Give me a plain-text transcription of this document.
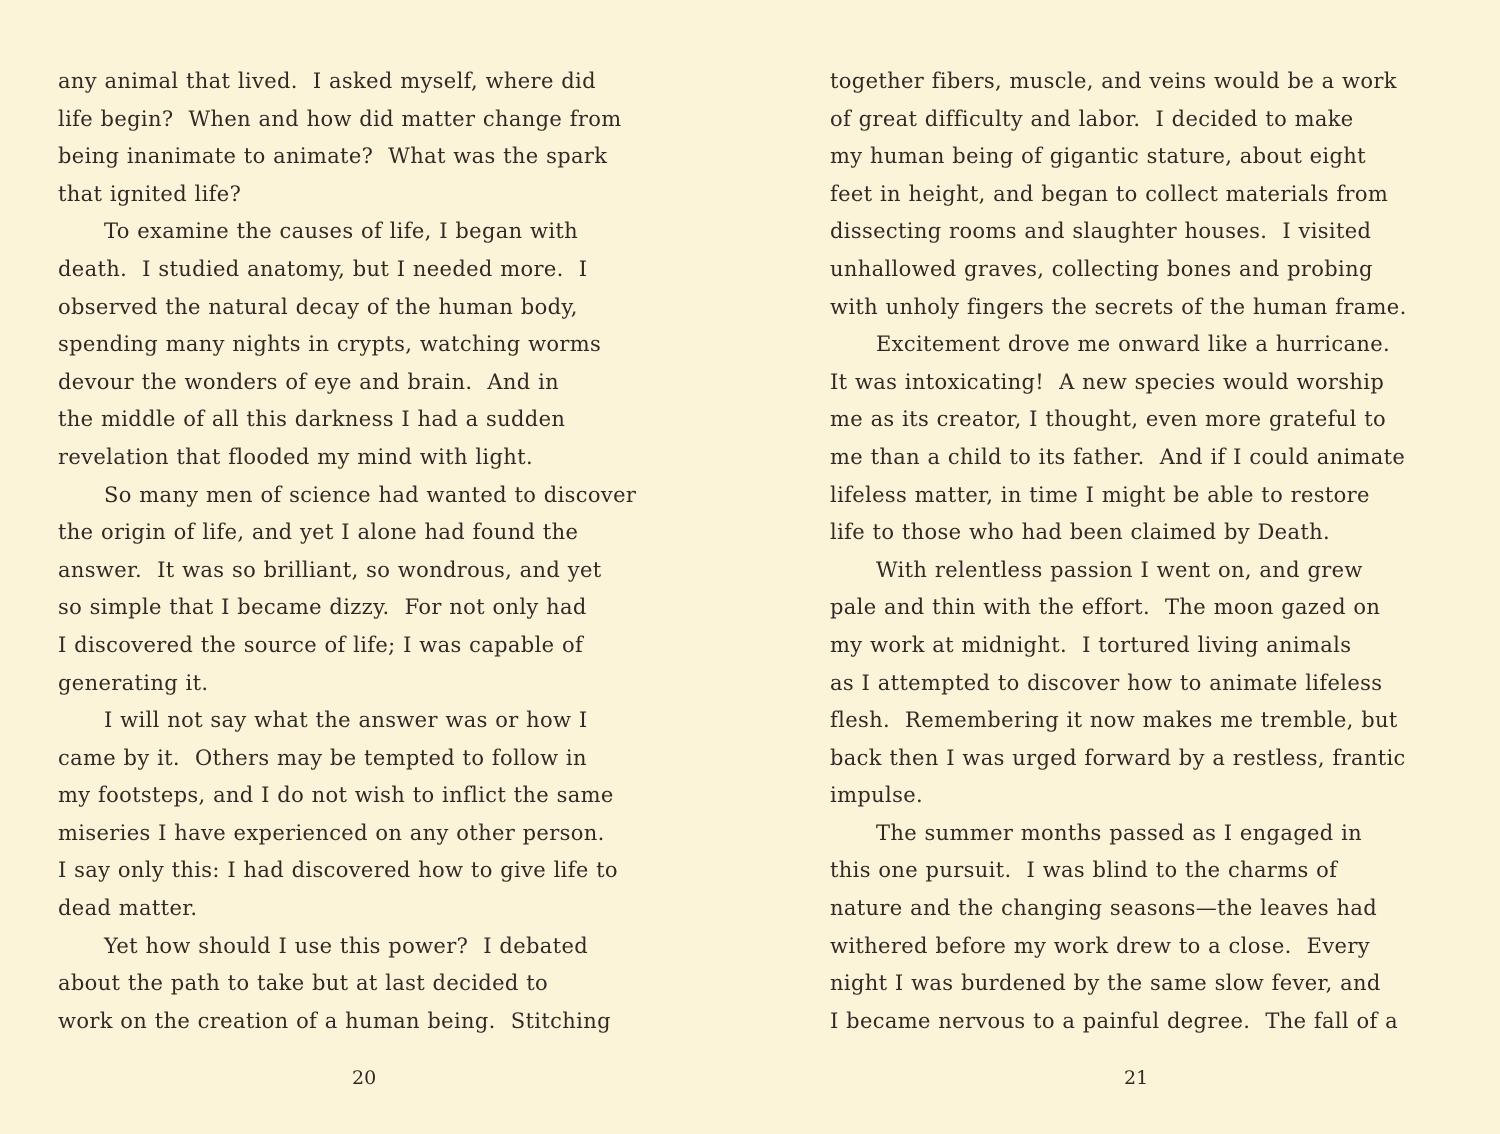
any animal that lived.  I asked myself, where did
life begin?  When and how did matter change from
being inanimate to animate?  What was the spark
that ignited life?
To examine the causes of life, I began with
death.  I studied anatomy, but I needed more.  I
observed the natural decay of the human body,
spending many nights in crypts, watching worms
devour the wonders of eye and brain.  And in
the middle of all this darkness I had a sudden
revelation that flooded my mind with light.
So many men of science had wanted to discover
the origin of life, and yet I alone had found the
answer.  It was so brilliant, so wondrous, and yet
so simple that I became dizzy.  For not only had
I discovered the source of life; I was capable of
generating it.
I will not say what the answer was or how I
came by it.  Others may be tempted to follow in
my footsteps, and I do not wish to inflict the same
miseries I have experienced on any other person.
I say only this: I had discovered how to give life to
dead matter.
Yet how should I use this power?  I debated
about the path to take but at last decided to
work on the creation of a human being.  Stitching
together fibers, muscle, and veins would be a work
of great difficulty and labor.  I decided to make
my human being of gigantic stature, about eight
feet in height, and began to collect materials from
dissecting rooms and slaughter houses.  I visited
unhallowed graves, collecting bones and probing
with unholy fingers the secrets of the human frame.
Excitement drove me onward like a hurricane.
It was intoxicating!  A new species would worship
me as its creator, I thought, even more grateful to
me than a child to its father.  And if I could animate
lifeless matter, in time I might be able to restore
life to those who had been claimed by Death.
With relentless passion I went on, and grew
pale and thin with the effort.  The moon gazed on
my work at midnight.  I tortured living animals
as I attempted to discover how to animate lifeless
flesh.  Remembering it now makes me tremble, but
back then I was urged forward by a restless, frantic
impulse.
The summer months passed as I engaged in
this one pursuit.  I was blind to the charms of
nature and the changing seasons—the leaves had
withered before my work drew to a close.  Every
night I was burdened by the same slow fever, and
I became nervous to a painful degree.  The fall of a
20	21
